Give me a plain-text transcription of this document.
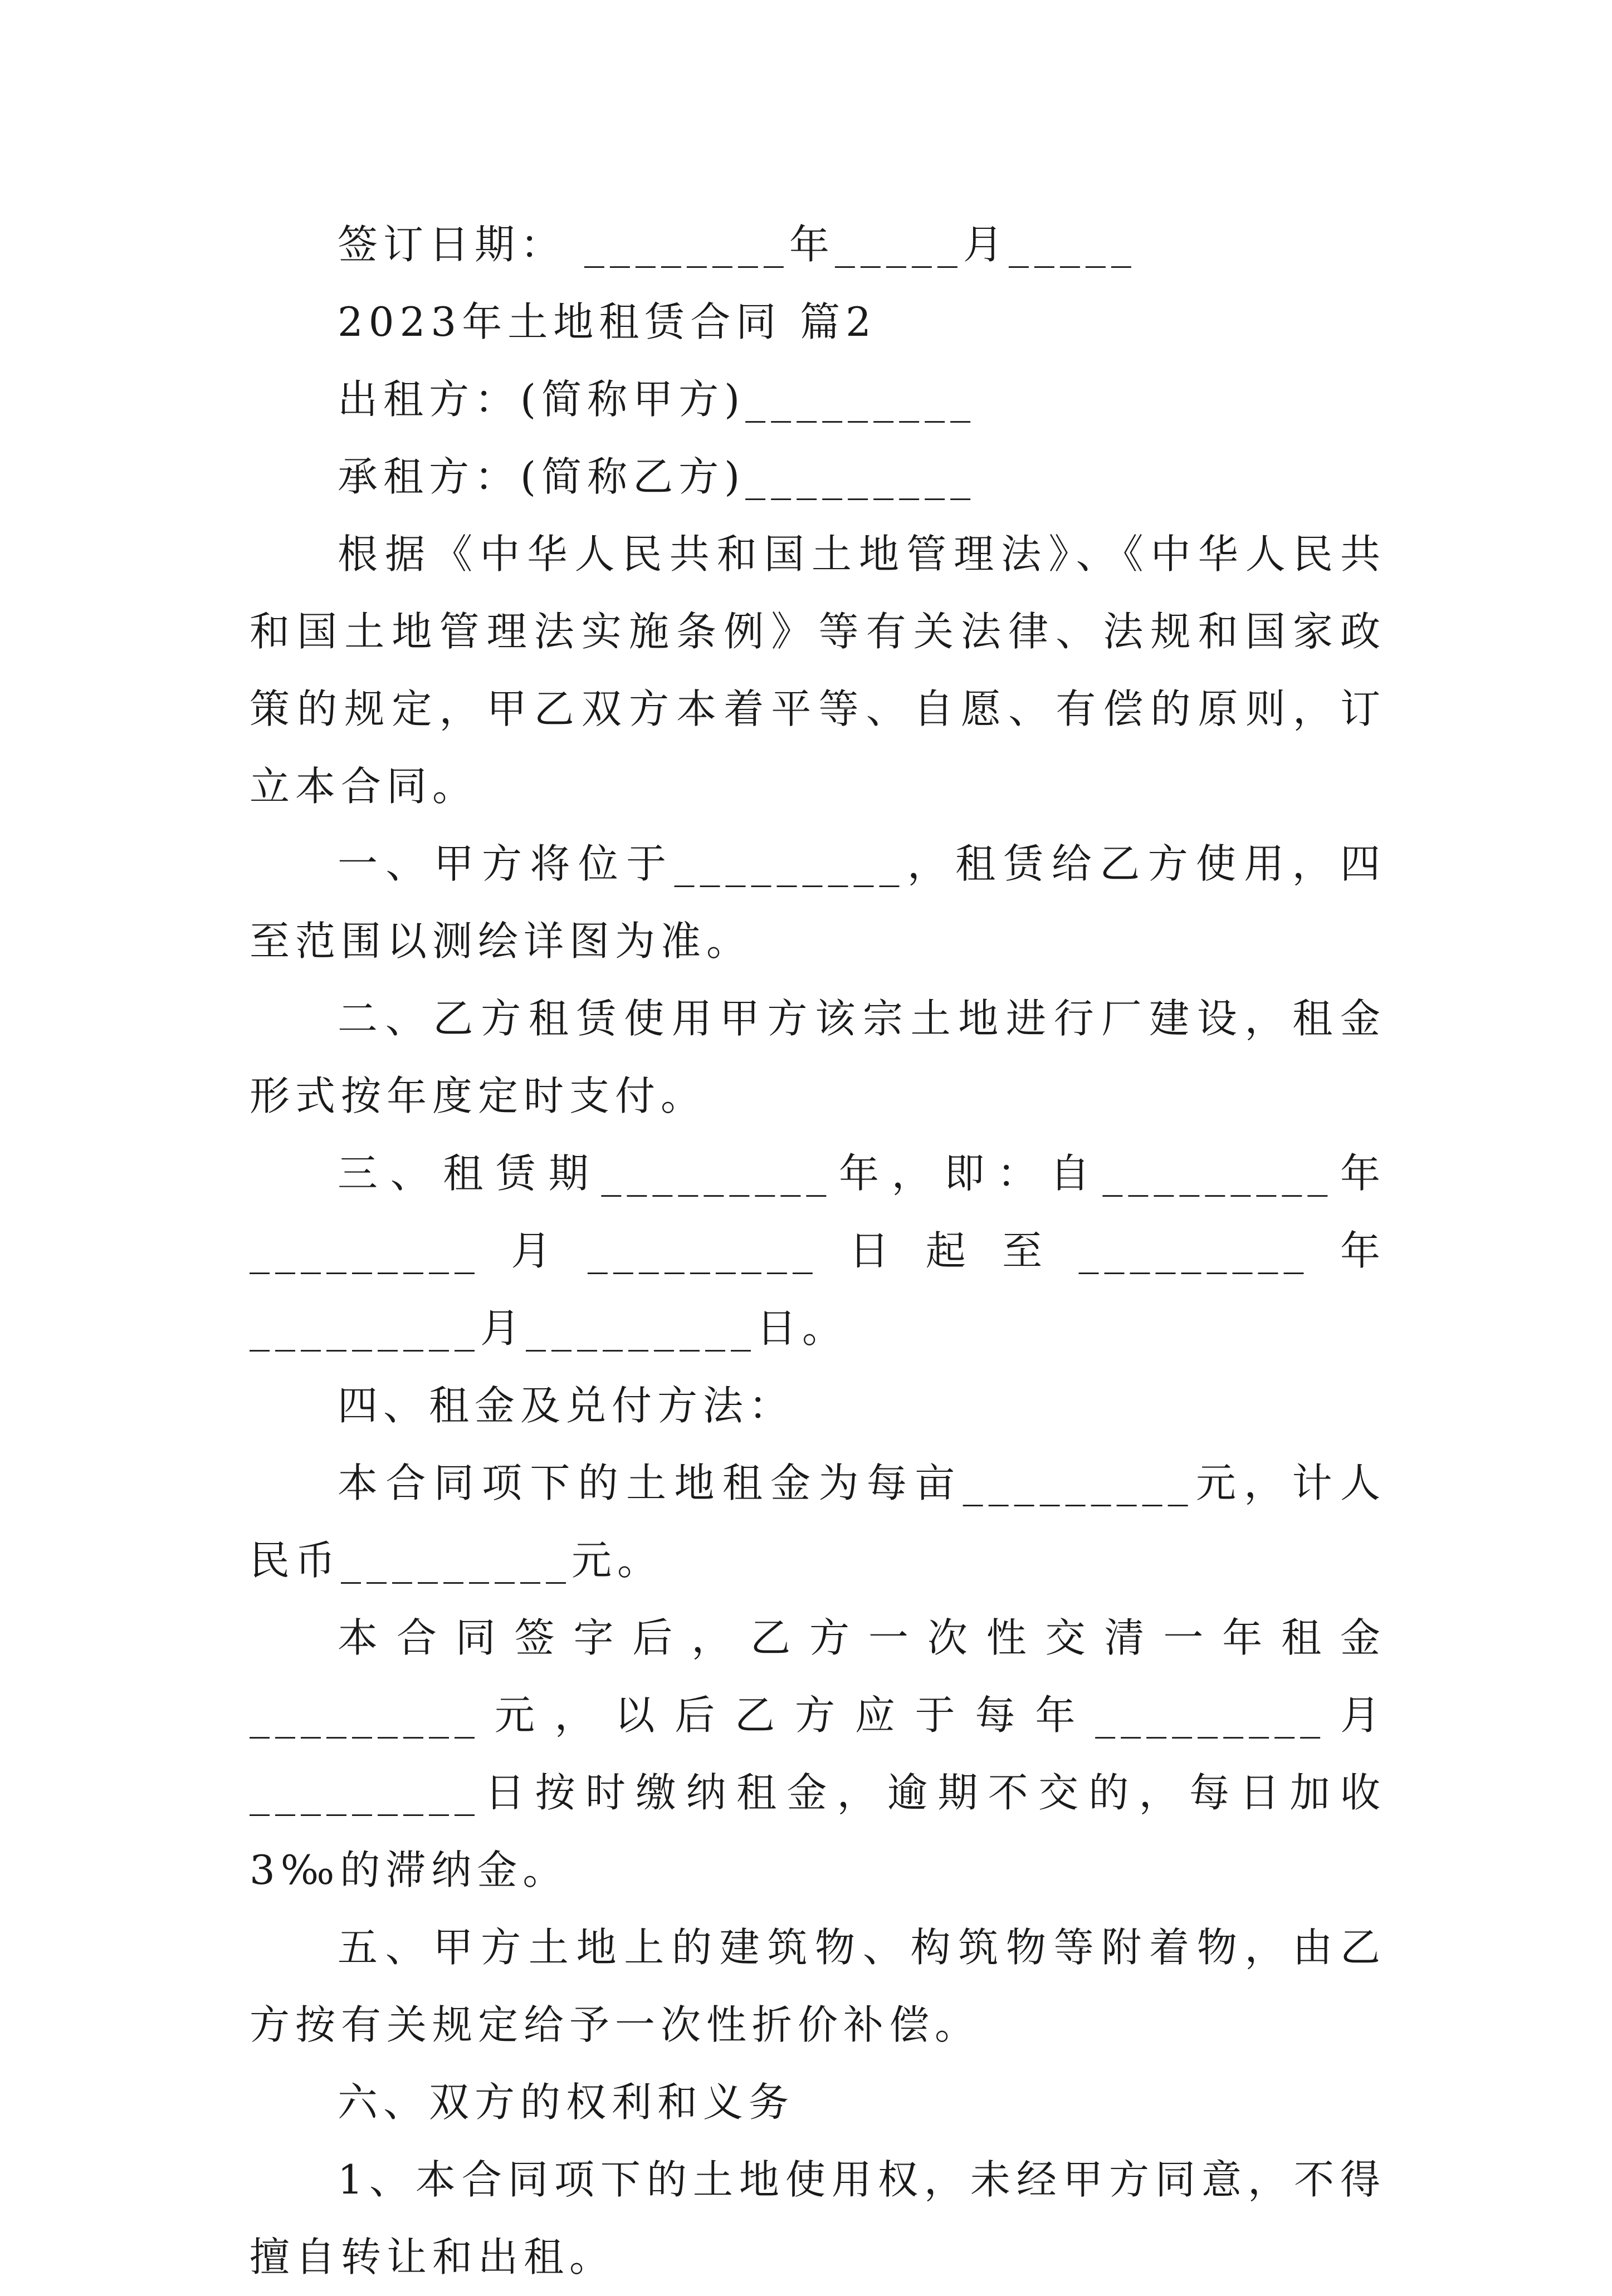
签订日期： ________年_____月_____
2023年土地租赁合同 篇2
出租方：(简称甲方)_________
承租方：(简称乙方)_________

根据《中华人民共和国土地管理法》、《中华人民共和国土地管理法实施条例》等有关法律、法规和国家政策的规定，甲乙双方本着平等、自愿、有偿的原则，订立本合同。

一、甲方将位于_________，租赁给乙方使用，四至范围以测绘详图为准。

二、乙方租赁使用甲方该宗土地进行厂建设，租金形式按年度定时支付。

三、租赁期_________年，即：自_________年_________月_________日起至_________年_________月_________日。

四、租金及兑付方法：

本合同项下的土地租金为每亩_________元，计人民币_________元。

本合同签字后，乙方一次性交清一年租金_________元，以后乙方应于每年_________月_________日按时缴纳租金，逾期不交的，每日加收3‰的滞纳金。

五、甲方土地上的建筑物、构筑物等附着物，由乙方按有关规定给予一次性折价补偿。

六、双方的权利和义务

1、本合同项下的土地使用权，未经甲方同意，不得擅自转让和出租。
